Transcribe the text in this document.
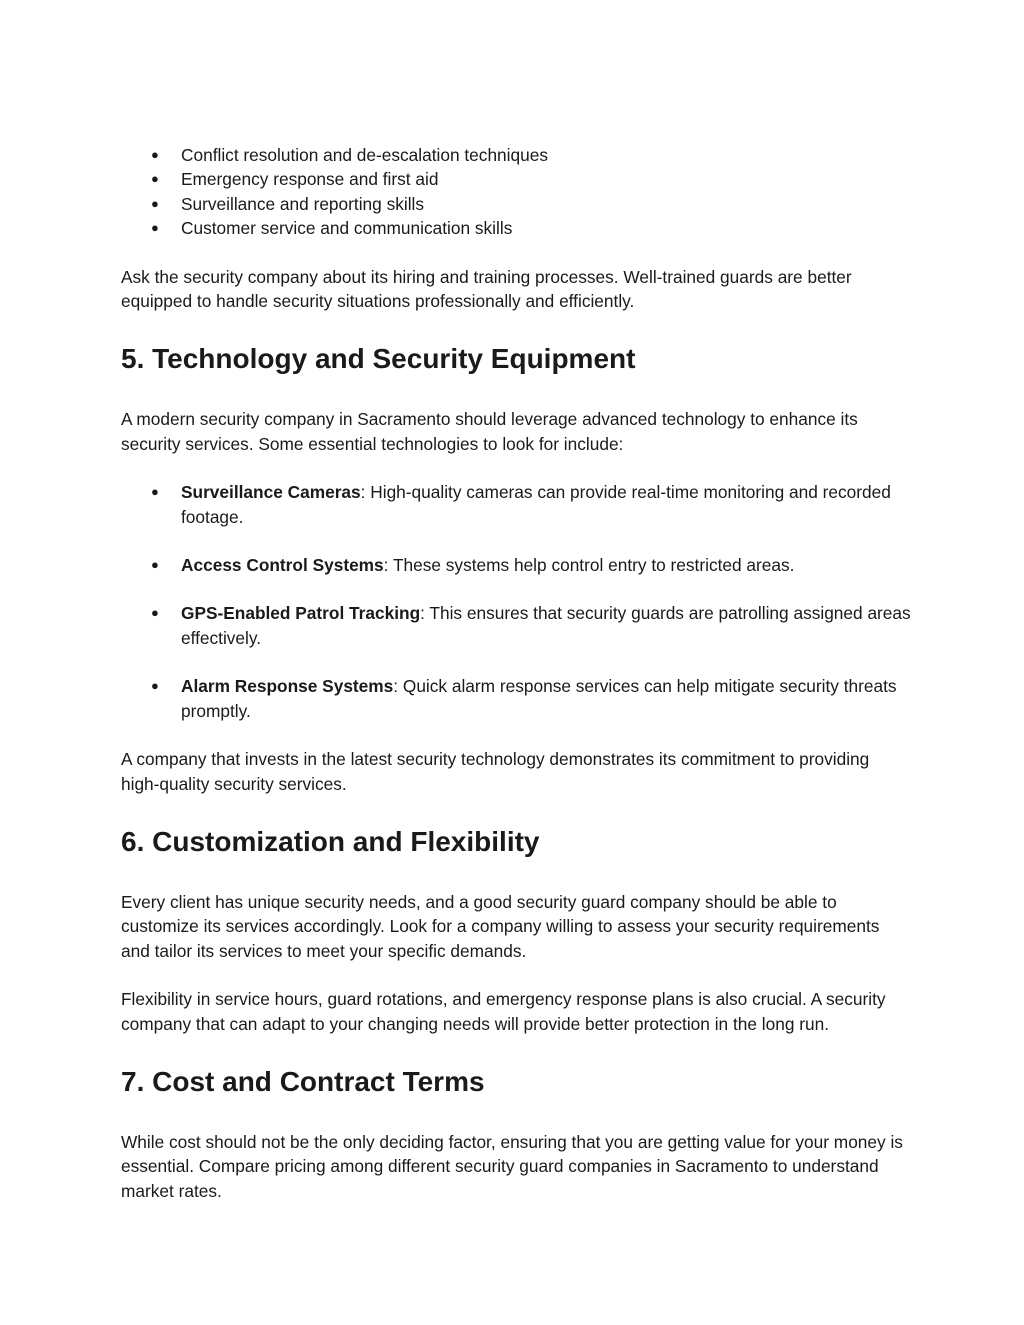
● Conflict resolution and de-escalation techniques
● Emergency response and first aid
● Surveillance and reporting skills
● Customer service and communication skills

Ask the security company about its hiring and training processes. Well-trained guards are better equipped to handle security situations professionally and efficiently.

5. Technology and Security Equipment

A modern security company in Sacramento should leverage advanced technology to enhance its security services. Some essential technologies to look for include:

● Surveillance Cameras: High-quality cameras can provide real-time monitoring and recorded footage.
● Access Control Systems: These systems help control entry to restricted areas.
● GPS-Enabled Patrol Tracking: This ensures that security guards are patrolling assigned areas effectively.
● Alarm Response Systems: Quick alarm response services can help mitigate security threats promptly.

A company that invests in the latest security technology demonstrates its commitment to providing high-quality security services.

6. Customization and Flexibility

Every client has unique security needs, and a good security guard company should be able to customize its services accordingly. Look for a company willing to assess your security requirements and tailor its services to meet your specific demands.

Flexibility in service hours, guard rotations, and emergency response plans is also crucial. A security company that can adapt to your changing needs will provide better protection in the long run.

7. Cost and Contract Terms

While cost should not be the only deciding factor, ensuring that you are getting value for your money is essential. Compare pricing among different security guard companies in Sacramento to understand market rates.
